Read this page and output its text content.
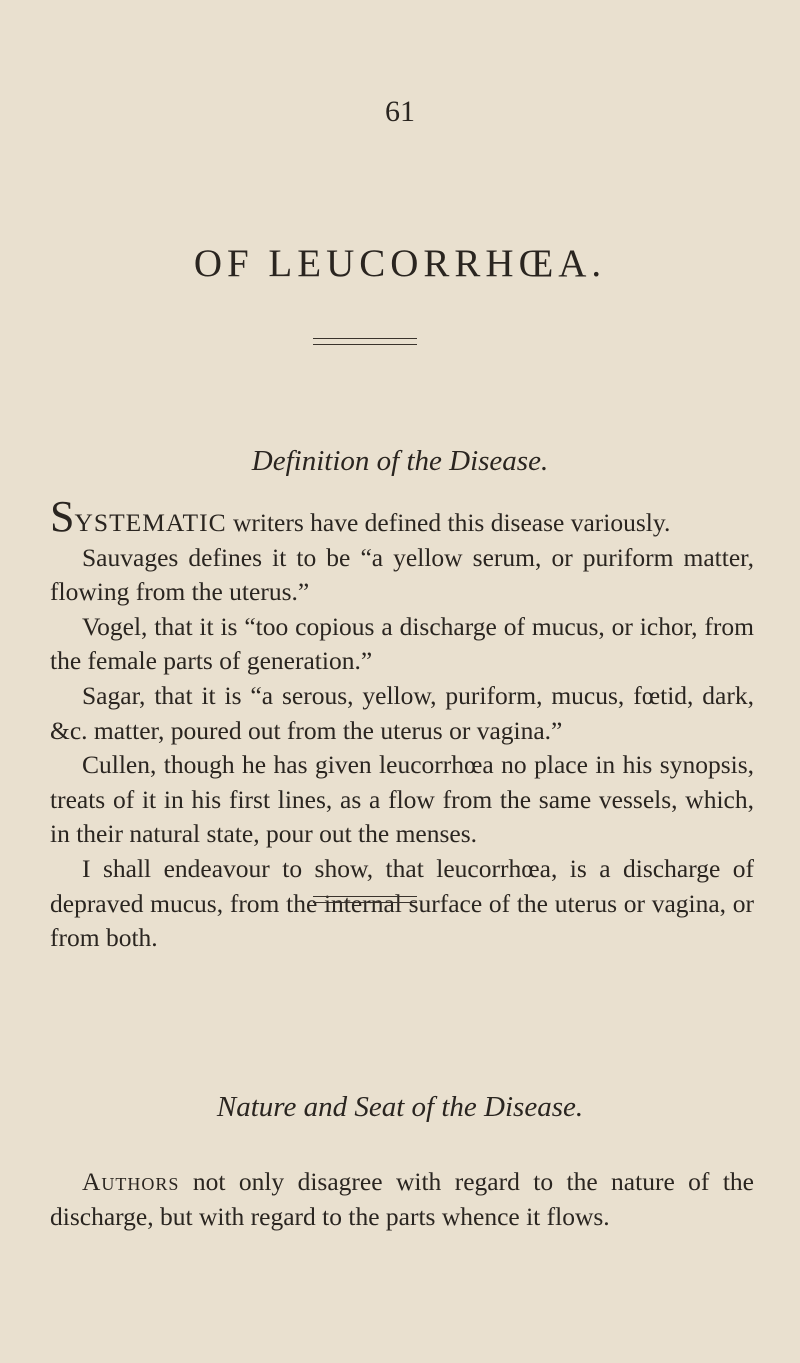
61
OF LEUCORRHŒA.
Definition of the Disease.

SYSTEMATIC writers have defined this disease variously.

Sauvages defines it to be “a yellow serum, or puriform matter, flowing from the uterus.”

Vogel, that it is “too copious a discharge of mucus, or ichor, from the female parts of generation.”

Sagar, that it is “a serous, yellow, puriform, mucus, fœtid, dark, &c. matter, poured out from the uterus or vagina.”

Cullen, though he has given leucorrhœa no place in his synopsis, treats of it in his first lines, as a flow from the same vessels, which, in their natural state, pour out the menses.

I shall endeavour to show, that leucorrhœa, is a discharge of depraved mucus, from the internal surface of the uterus or vagina, or from both.

Nature and Seat of the Disease.

Authors not only disagree with regard to the nature of the discharge, but with regard to the parts whence it flows.
